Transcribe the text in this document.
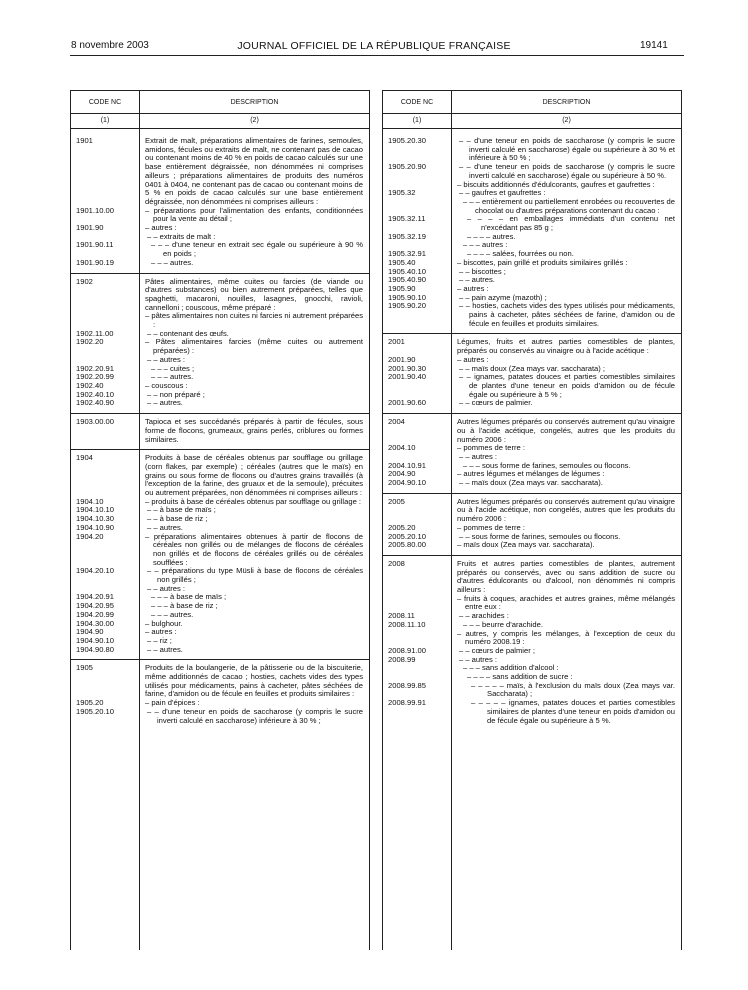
8 novembre 2003	JOURNAL OFFICIEL DE LA RÉPUBLIQUE FRANÇAISE	19141
CODE NC	DESCRIPTION
(1)	(2)
1901	Extrait de malt, préparations alimentaires de farines, semoules, amidons, fécules ou extraits de malt, ne contenant pas de cacao ou contenant moins de 40 % en poids de cacao calculés sur une base entièrement dégraissée, non dénommées ni comprises ailleurs ; préparations alimentaires de produits des numéros 0401 à 0404, ne contenant pas de cacao ou contenant moins de 5 % en poids de cacao calculés sur une base entièrement dégraissée, non dénommées ni comprises ailleurs :
1901.10.00	– préparations pour l'alimentation des enfants, conditionnées pour la vente au détail ;
1901.90	– autres :
– – extraits de malt :
1901.90.11	– – – d'une teneur en extrait sec égale ou supérieure à 90 % en poids ;
1901.90.19	– – – autres.
1902	Pâtes alimentaires, même cuites ou farcies (de viande ou d'autres substances) ou bien autrement préparées, telles que spaghetti, macaroni, nouilles, lasagnes, gnocchi, ravioli, cannelloni ; couscous, même préparé :
– pâtes alimentaires non cuites ni farcies ni autrement préparées :
1902.11.00	– – contenant des œufs.
1902.20	– Pâtes alimentaires farcies (même cuites ou autrement préparées) :
– – autres :
1902.20.91	– – – cuites ;
1902.20.99	– – – autres.
1902.40	– couscous :
1902.40.10	– – non préparé ;
1902.40.90	– – autres.
1903.00.00	Tapioca et ses succédanés préparés à partir de fécules, sous forme de flocons, grumeaux, grains perlés, criblures ou formes similaires.
1904	Produits à base de céréales obtenus par soufflage ou grillage (corn flakes, par exemple) ; céréales (autres que le maïs) en grains ou sous forme de flocons ou d'autres grains travaillés (à l'exception de la farine, des gruaux et de la semoule), précuites ou autrement préparées, non dénommées ni comprises ailleurs :
1904.10	– produits à base de céréales obtenus par soufflage ou grillage :
1904.10.10	– – à base de maïs ;
1904.10.30	– – à base de riz ;
1904.10.90	– – autres.
1904.20	– préparations alimentaires obtenues à partir de flocons de céréales non grillés ou de mélanges de flocons de céréales non grillés et de flocons de céréales grillés ou de céréales soufflées :
1904.20.10	– – préparations du type Müsli à base de flocons de céréales non grillés ;
– – autres :
1904.20.91	– – – à base de maïs ;
1904.20.95	– – – à base de riz ;
1904.20.99	– – – autres.
1904.30.00	– bulghour.
1904.90	– autres :
1904.90.10	– – riz ;
1904.90.80	– – autres.
1905	Produits de la boulangerie, de la pâtisserie ou de la biscuiterie, même additionnés de cacao ; hosties, cachets vides des types utilisés pour médicaments, pains à cacheter, pâtes séchées de farine, d'amidon ou de fécule en feuilles et produits similaires :
1905.20	– pain d'épices :
1905.20.10	– – d'une teneur en poids de saccharose (y compris le sucre inverti calculé en saccharose) inférieure à 30 % ;
CODE NC	DESCRIPTION
(1)	(2)
1905.20.30	– – d'une teneur en poids de saccharose (y compris le sucre inverti calculé en saccharose) égale ou supérieure à 30 % et inférieure à 50 % ;
1905.20.90	– – d'une teneur en poids de saccharose (y compris le sucre inverti calculé en saccharose) égale ou supérieure à 50 %.
– biscuits additionnés d'édulcorants, gaufres et gaufrettes :
1905.32	– – gaufres et gaufrettes :
– – – entièrement ou partiellement enrobées ou recouvertes de chocolat ou d'autres préparations contenant du cacao :
1905.32.11	– – – – en emballages immédiats d'un contenu net n'excédant pas 85 g ;
1905.32.19	– – – – autres.
– – – autres :
1905.32.91	– – – – salées, fourrées ou non.
1905.40	– biscottes, pain grillé et produits similaires grillés :
1905.40.10	– – biscottes ;
1905.40.90	– – autres.
1905.90	– autres :
1905.90.10	– – pain azyme (mazoth) ;
1905.90.20	– – hosties, cachets vides des types utilisés pour médicaments, pains à cacheter, pâtes séchées de farine, d'amidon ou de fécule en feuilles et produits similaires.
2001	Légumes, fruits et autres parties comestibles de plantes, préparés ou conservés au vinaigre ou à l'acide acétique :
2001.90	– autres :
2001.90.30	– – maïs doux (Zea mays var. saccharata) ;
2001.90.40	– – ignames, patates douces et parties comestibles similaires de plantes d'une teneur en poids d'amidon ou de fécule égale ou supérieure à 5 % ;
2001.90.60	– – cœurs de palmier.
2004	Autres légumes préparés ou conservés autrement qu'au vinaigre ou à l'acide acétique, congelés, autres que les produits du numéro 2006 :
2004.10	– pommes de terre :
– – autres :
2004.10.91	– – – sous forme de farines, semoules ou flocons.
2004.90	– autres légumes et mélanges de légumes :
2004.90.10	– – maïs doux (Zea mays var. saccharata).
2005	Autres légumes préparés ou conservés autrement qu'au vinaigre ou à l'acide acétique, non congelés, autres que les produits du numéro 2006 :
2005.20	– pommes de terre :
2005.20.10	– – sous forme de farines, semoules ou flocons.
2005.80.00	– maïs doux (Zea mays var. saccharata).
2008	Fruits et autres parties comestibles de plantes, autrement préparés ou conservés, avec ou sans addition de sucre ou d'autres édulcorants ou d'alcool, non dénommés ni compris ailleurs :
– fruits à coques, arachides et autres graines, même mélangés entre eux :
2008.11	– – arachides :
2008.11.10	– – – beurre d'arachide.
– autres, y compris les mélanges, à l'exception de ceux du numéro 2008.19 :
2008.91.00	– – cœurs de palmier ;
2008.99	– – autres :
– – – sans addition d'alcool :
– – – – sans addition de sucre :
2008.99.85	– – – – – maïs, à l'exclusion du maïs doux (Zea mays var. Saccharata) ;
2008.99.91	– – – – – ignames, patates douces et parties comestibles similaires de plantes d'une teneur en poids d'amidon ou de fécule égale ou supérieure à 5 %.
